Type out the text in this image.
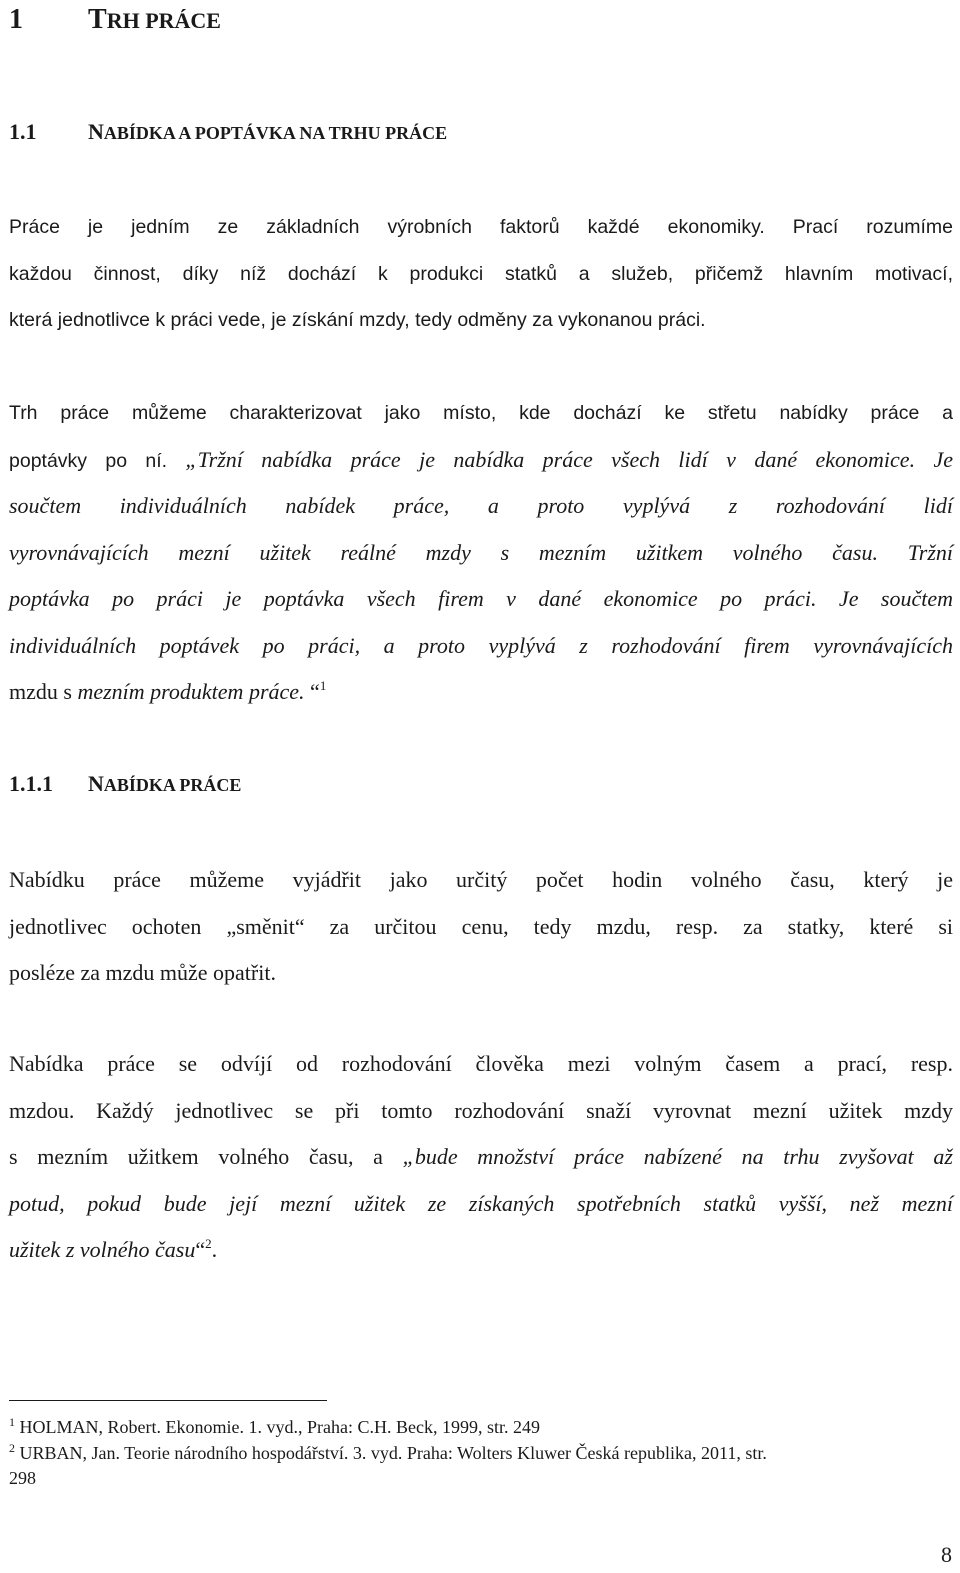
1 TRH PRÁCE
1.1 NABÍDKA A POPTÁVKA NA TRHU PRÁCE
Práce je jedním ze základních výrobních faktorů každé ekonomiky. Prací rozumíme
každou činnost, díky níž dochází k produkci statků a služeb, přičemž hlavním motivací,
která jednotlivce k práci vede, je získání mzdy, tedy odměny za vykonanou práci.
Trh práce můžeme charakterizovat jako místo, kde dochází ke střetu nabídky práce a
poptávky po ní. „Tržní nabídka práce je nabídka práce všech lidí v dané ekonomice. Je
součtem individuálních nabídek práce, a proto vyplývá z rozhodování lidí
vyrovnávajících mezní užitek reálné mzdy s mezním užitkem volného času. Tržní
poptávka po práci je poptávka všech firem v dané ekonomice po práci. Je součtem
individuálních poptávek po práci, a proto vyplývá z rozhodování firem vyrovnávajících
mzdu s mezním produktem práce. “$^1$
1.1.1 NABÍDKA PRÁCE
Nabídku práce můžeme vyjádřit jako určitý počet hodin volného času, který je
jednotlivec ochoten „směnit“ za určitou cenu, tedy mzdu, resp. za statky, které si
posléze za mzdu může opatřit.
Nabídka práce se odvíjí od rozhodování člověka mezi volným časem a prací, resp.
mzdou. Každý jednotlivec se při tomto rozhodování snaží vyrovnat mezní užitek mzdy
s mezním užitkem volného času, a „bude množství práce nabízené na trhu zvyšovat až
potud, pokud bude její mezní užitek ze získaných spotřebních statků vyšší, než mezní
užitek z volného času“$^2$.
$^1$ HOLMAN, Robert. Ekonomie. 1. vyd., Praha: C.H. Beck, 1999, str. 249
$^2$ URBAN, Jan. Teorie národního hospodářství. 3. vyd. Praha: Wolters Kluwer Česká republika, 2011, str.
298
8
